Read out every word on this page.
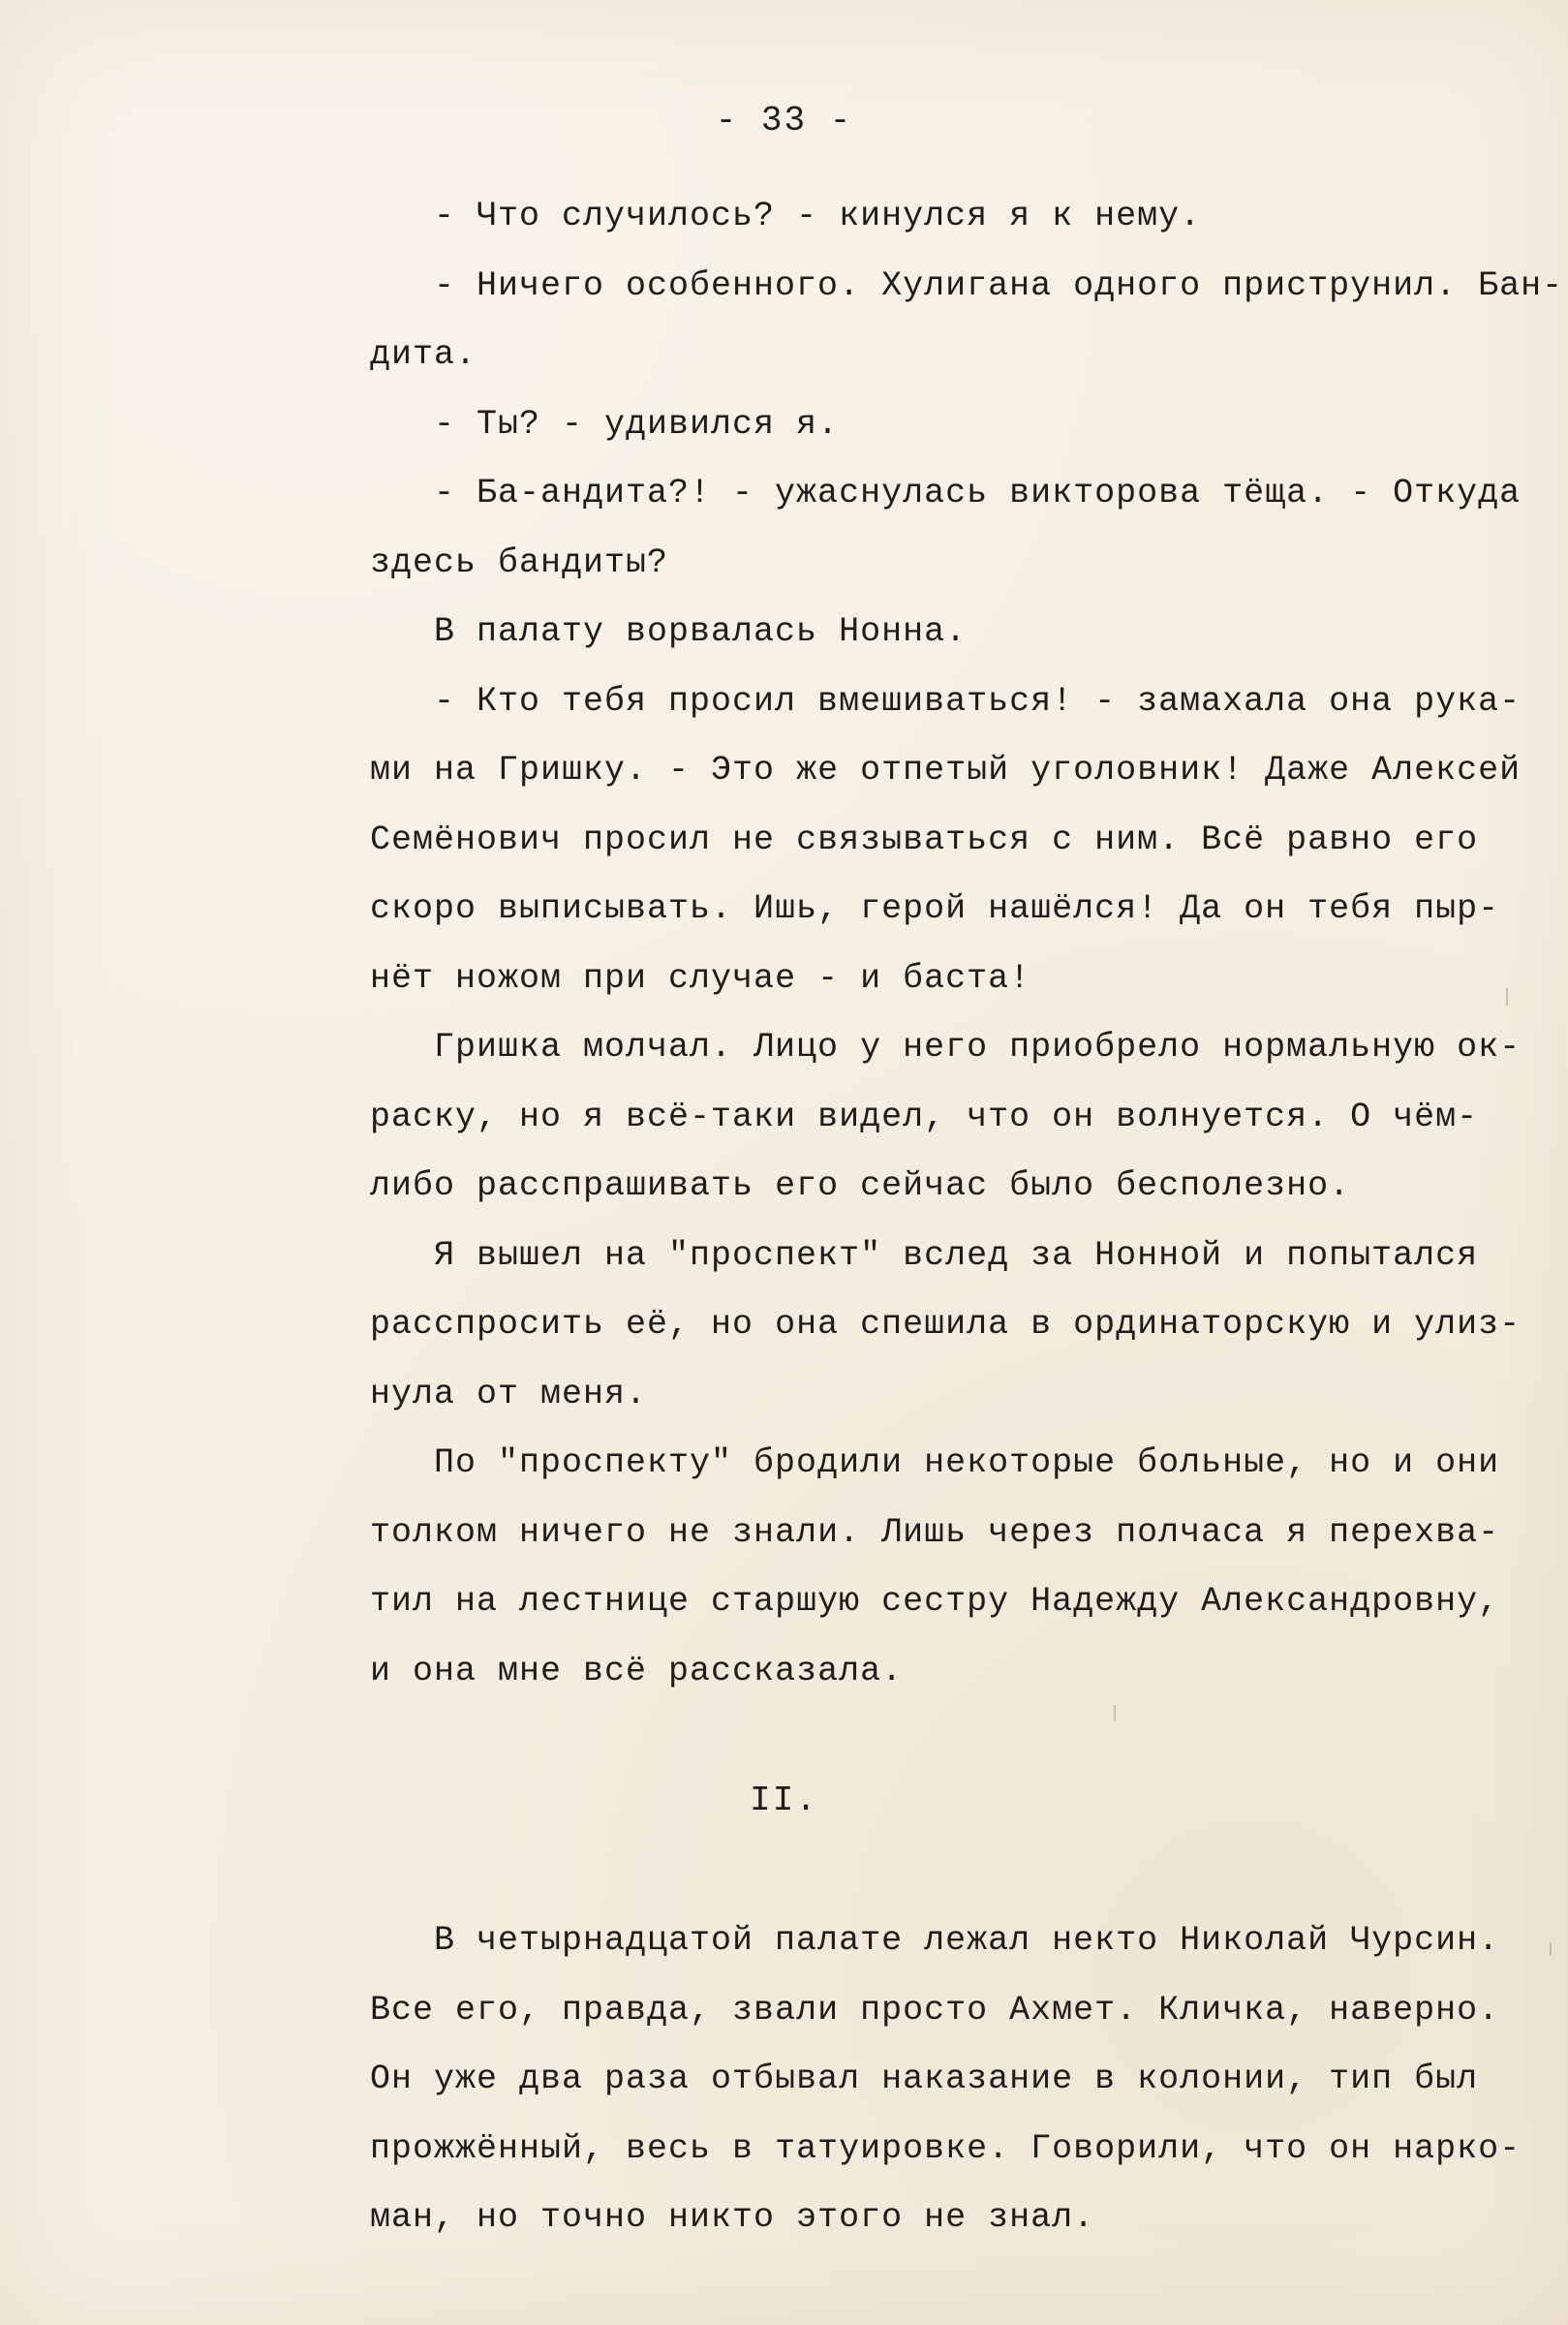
- 33 -
- Что случилось? - кинулся я к нему.
- Ничего особенного. Хулигана одного приструнил. Бан-
дита.
- Ты? - удивился я.
- Ба-андита?! - ужаснулась викторова тёща. - Откуда
здесь бандиты?
В палату ворвалась Нонна.
- Кто тебя просил вмешиваться! - замахала она рука-
ми на Гришку. - Это же отпетый уголовник! Даже Алексей
Семёнович просил не связываться с ним. Всё равно его
скоро выписывать. Ишь, герой нашёлся! Да он тебя пыр-
нёт ножом при случае - и баста!
Гришка молчал. Лицо у него приобрело нормальную ок-
раску, но я всё-таки видел, что он волнуется. О чём-
либо расспрашивать его сейчас было бесполезно.
Я вышел на "проспект" вслед за Нонной и попытался
расспросить её, но она спешила в ординаторскую и улиз-
нула от меня.
По "проспекту" бродили некоторые больные, но и они
толком ничего не знали. Лишь через полчаса я перехва-
тил на лестнице старшую сестру Надежду Александровну,
и она мне всё рассказала.
II.
В четырнадцатой палате лежал некто Николай Чурсин.
Все его, правда, звали просто Ахмет. Кличка, наверно.
Он уже два раза отбывал наказание в колонии, тип был
прожжённый, весь в татуировке. Говорили, что он нарко-
ман, но точно никто этого не знал.
